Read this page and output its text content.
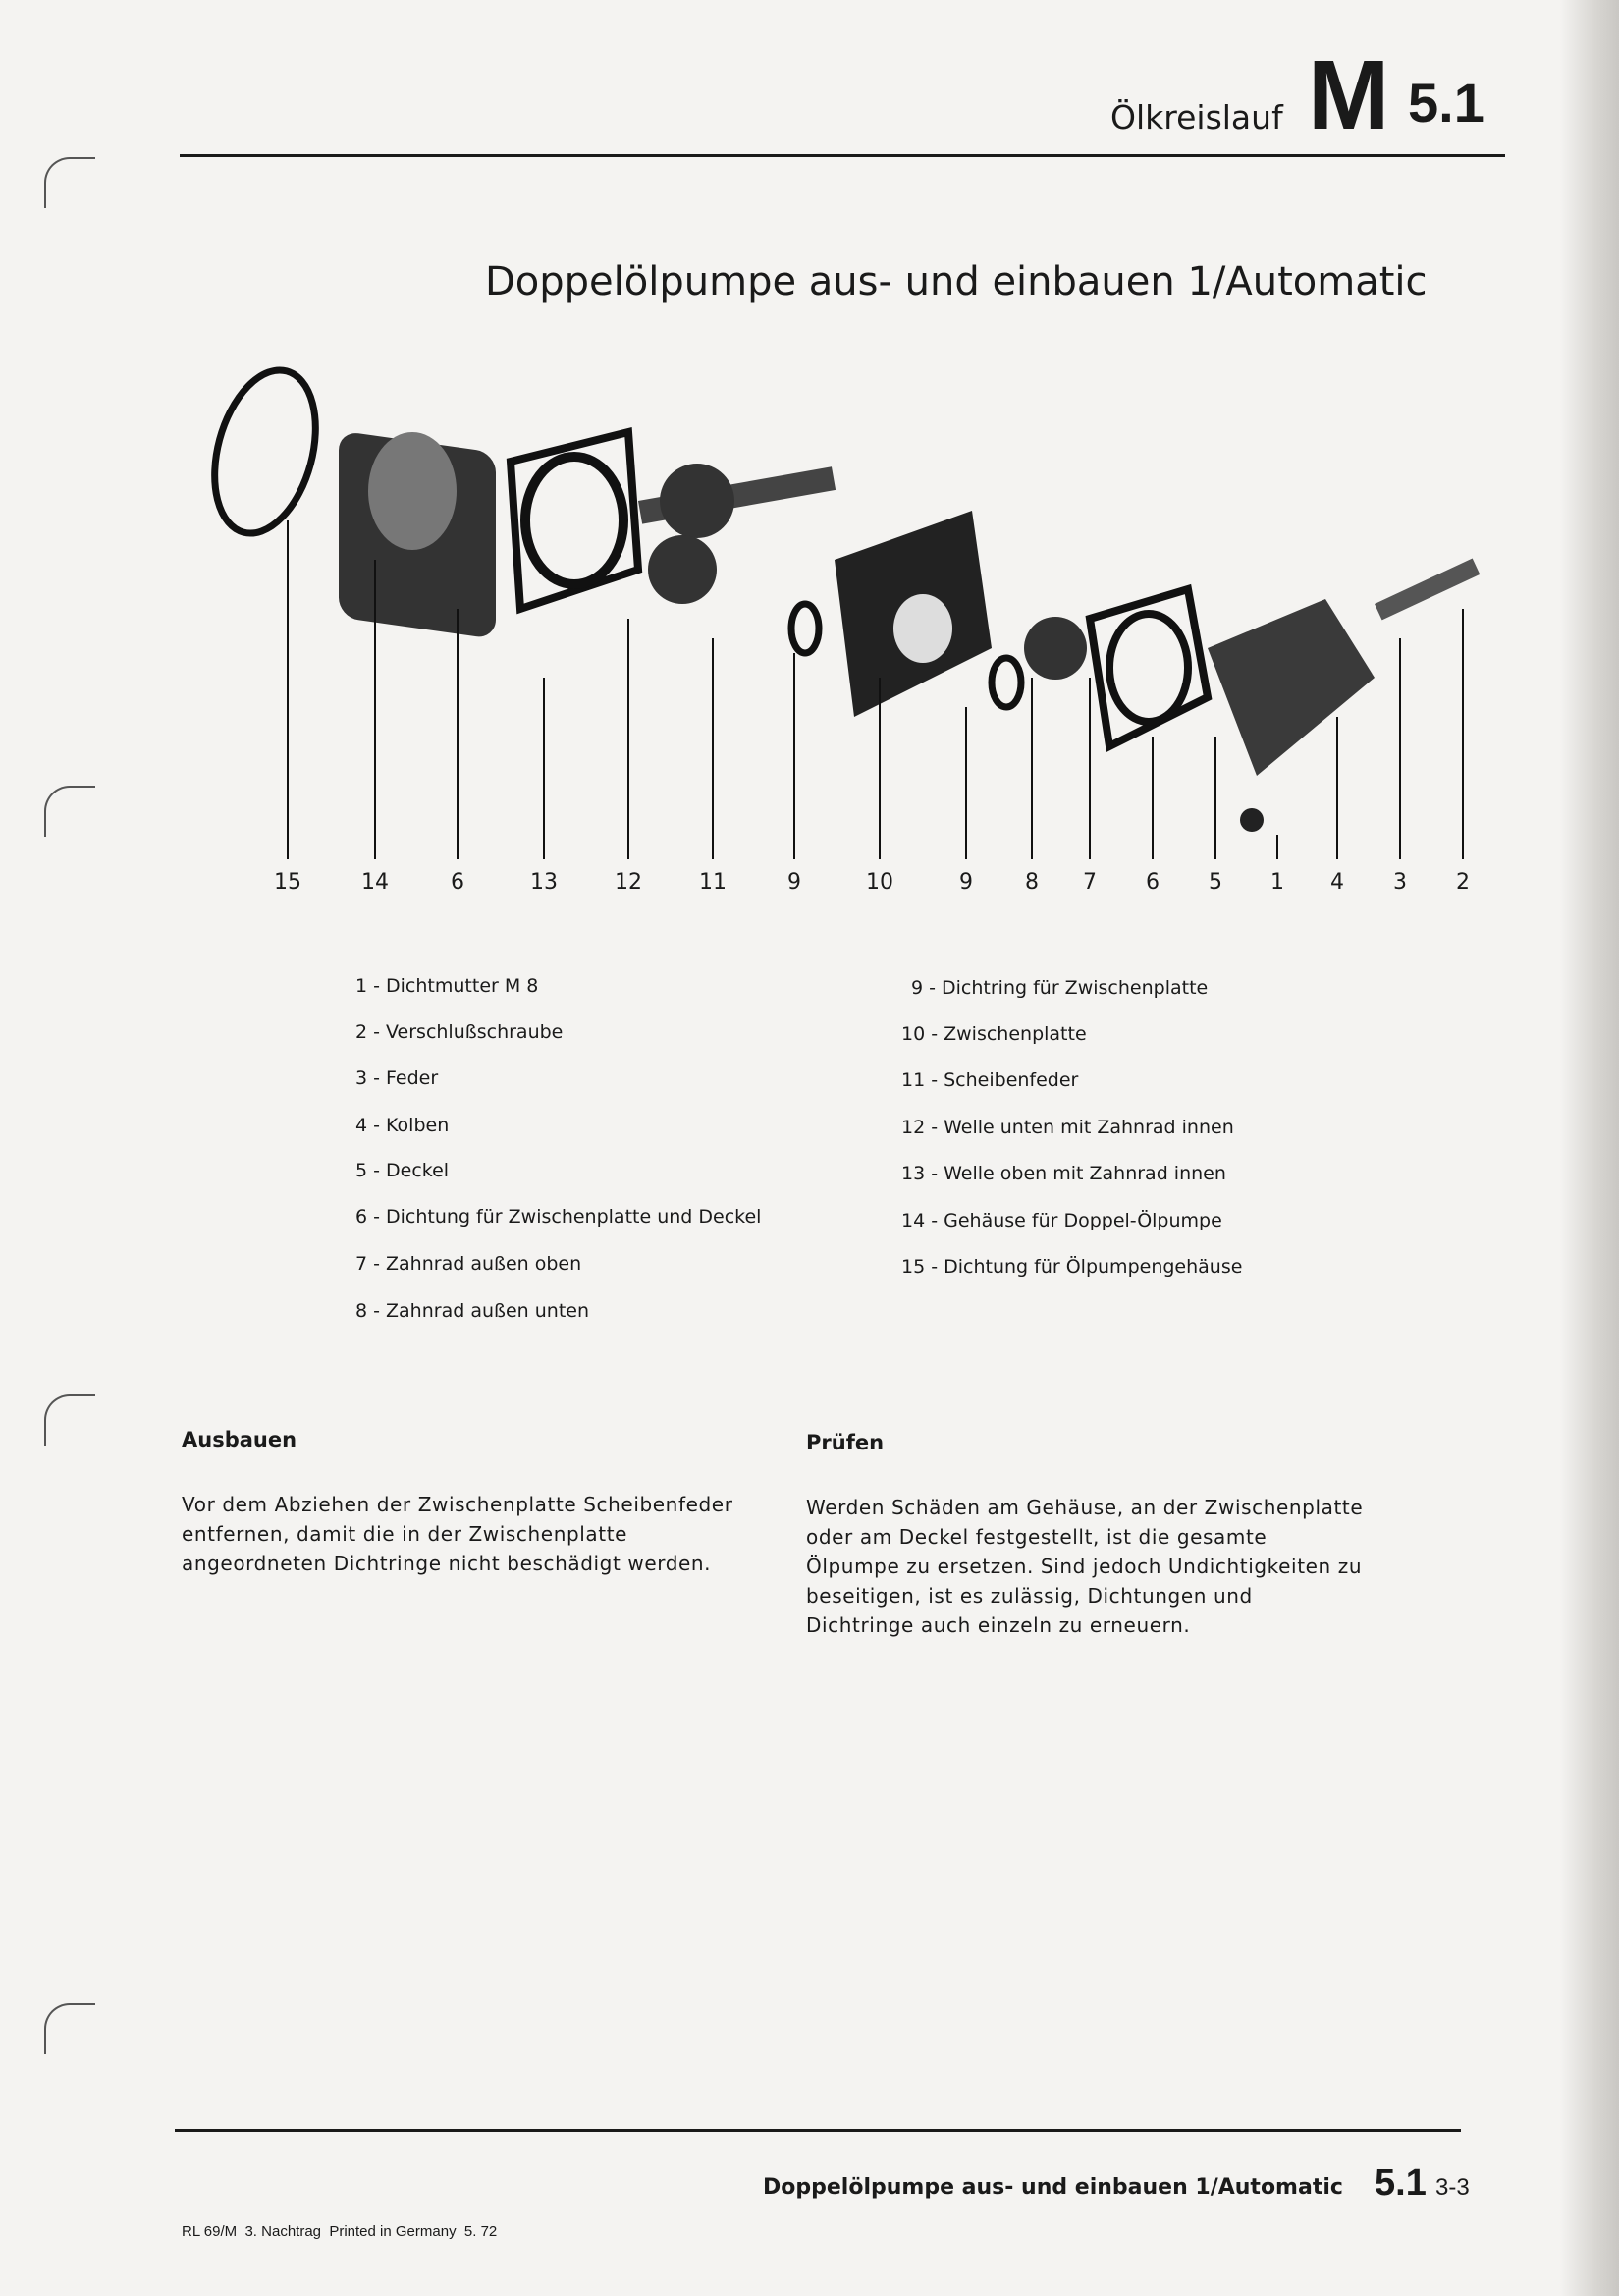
Ölkreislauf M 5.1
Doppelölpumpe aus- und einbauen 1/Automatic
15	14	6	13	12	11	9	10	9 8 7 6 5 1 4 3 2
1 - Dichtmutter M 8
2 - Verschlußschraube
3 - Feder
4 - Kolben
5 - Deckel
6 - Dichtung für Zwischenplatte und Deckel
7 - Zahnrad außen oben
8 - Zahnrad außen unten
9 - Dichtring für Zwischenplatte
10 - Zwischenplatte
11 - Scheibenfeder
12 - Welle unten mit Zahnrad innen
13 - Welle oben mit Zahnrad innen
14 - Gehäuse für Doppel-Ölpumpe
15 - Dichtung für Ölpumpengehäuse
Ausbauen
Vor dem Abziehen der Zwischenplatte Scheibenfeder entfernen, damit die in der Zwischenplatte angeordneten Dichtringe nicht beschädigt werden.
Prüfen
Werden Schäden am Gehäuse, an der Zwischenplatte oder am Deckel festgestellt, ist die gesamte Ölpumpe zu ersetzen. Sind jedoch Undichtigkeiten zu beseitigen, ist es zulässig, Dichtungen und Dichtringe auch einzeln zu erneuern.
Doppelölpumpe aus- und einbauen 1/Automatic 5.1 3-3
RL 69/M  3. Nachtrag  Printed in Germany  5. 72
